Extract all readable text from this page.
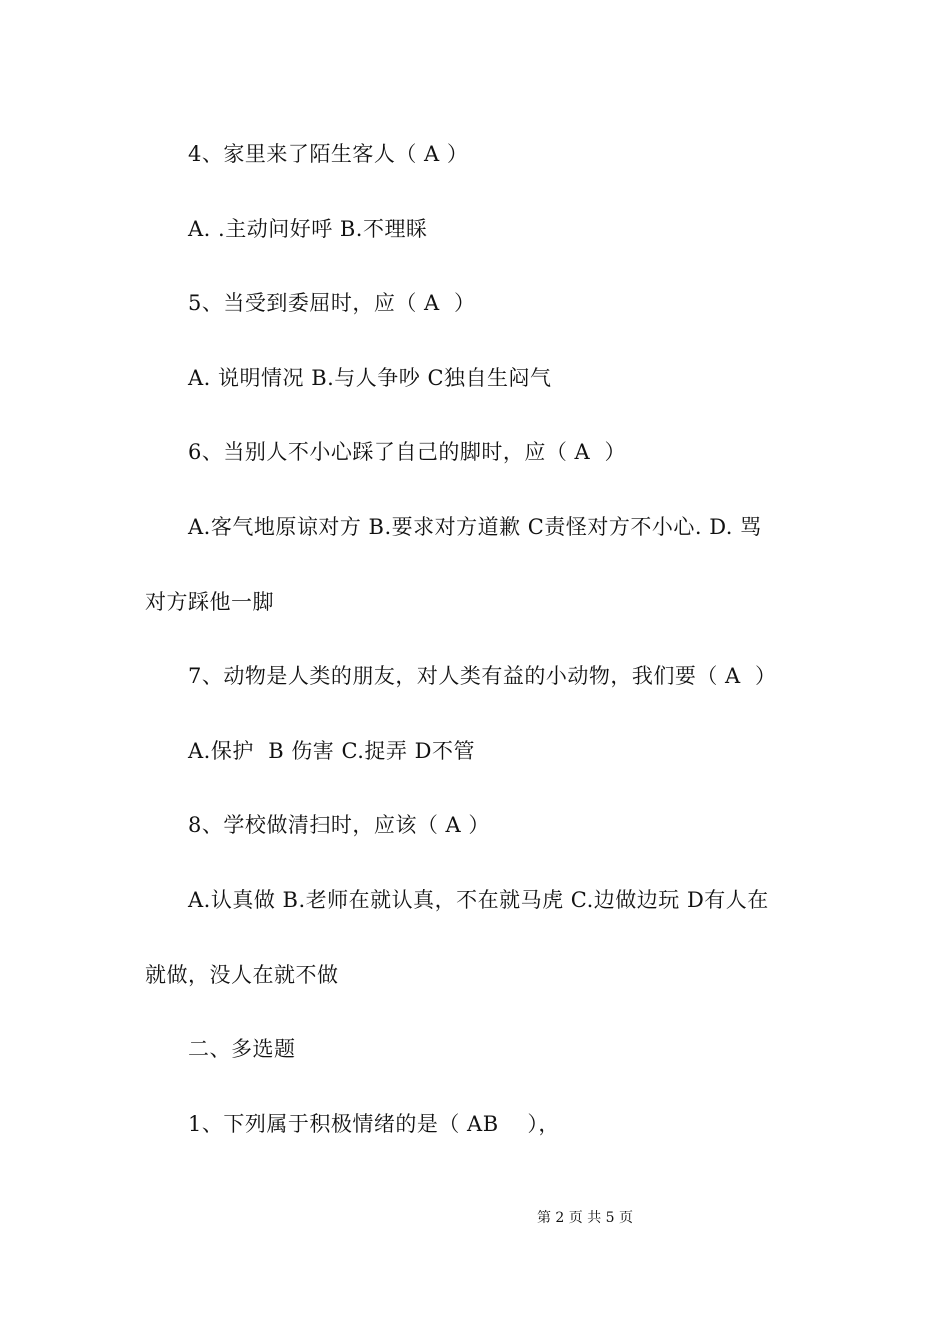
4、家里来了陌生客人（ A ）
A. .主动问好呼 B.不理睬
5、当受到委屈时，应（ A  ）
A. 说明情况 B.与人争吵 C独自生闷气
6、当别人不小心踩了自己的脚时，应（ A  ）
A.客气地原谅对方 B.要求对方道歉 C责怪对方不小心. D. 骂
对方踩他一脚
7、动物是人类的朋友，对人类有益的小动物，我们要（ A  ）
A.保护  B 伤害 C.捉弄 D不管
8、学校做清扫时，应该（ A ）
A.认真做 B.老师在就认真，不在就马虎 C.边做边玩 D有人在
就做，没人在就不做
二、多选题
1、下列属于积极情绪的是（ AB    ），
第 2 页 共 5 页
